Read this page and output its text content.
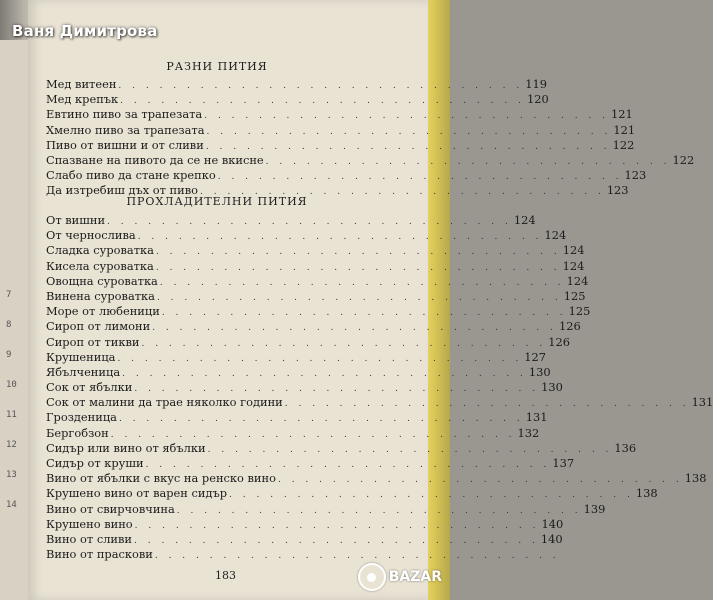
7
8
9
10
11
12
13
14
Ваня Димитрова
РАЗНИ ПИТИЯ
Мед витеен . . . . . . . . . . . . . . . . . . . . . . . . . . . . . . 119
Мед крепък . . . . . . . . . . . . . . . . . . . . . . . . . . . . . . 120
Евтино пиво за трапезата . . . . . . . . . . . . . . . . . . . . . . . . . . . . . . 121
Хмелно пиво за трапезата . . . . . . . . . . . . . . . . . . . . . . . . . . . . . . 121
Пиво от вишни и от сливи . . . . . . . . . . . . . . . . . . . . . . . . . . . . . . 122
Спазване на пивото да се не вкисне . . . . . . . . . . . . . . . . . . . . . . . . . . . . . . 122
Слабо пиво да стане крепко . . . . . . . . . . . . . . . . . . . . . . . . . . . . . . 123
Да изтребиш дъх от пиво . . . . . . . . . . . . . . . . . . . . . . . . . . . . . . 123
ПРОХЛАДИТЕЛНИ ПИТИЯ
От вишни . . . . . . . . . . . . . . . . . . . . . . . . . . . . . . 124
От чернослива . . . . . . . . . . . . . . . . . . . . . . . . . . . . . . 124
Сладка суроватка . . . . . . . . . . . . . . . . . . . . . . . . . . . . . . 124
Кисела суроватка . . . . . . . . . . . . . . . . . . . . . . . . . . . . . . 124
Овощна суроватка . . . . . . . . . . . . . . . . . . . . . . . . . . . . . . 124
Винена суроватка . . . . . . . . . . . . . . . . . . . . . . . . . . . . . . 125
Море от любеници . . . . . . . . . . . . . . . . . . . . . . . . . . . . . . 125
Сироп от лимони . . . . . . . . . . . . . . . . . . . . . . . . . . . . . . 126
Сироп от тикви . . . . . . . . . . . . . . . . . . . . . . . . . . . . . . 126
Крушеница . . . . . . . . . . . . . . . . . . . . . . . . . . . . . . 127
Ябълченица . . . . . . . . . . . . . . . . . . . . . . . . . . . . . . 130
Сок от ябълки . . . . . . . . . . . . . . . . . . . . . . . . . . . . . . 130
Сок от малини да трае няколко години . . . . . . . . . . . . . . . . . . . . . . . . . . . . . . 131
Грозденица . . . . . . . . . . . . . . . . . . . . . . . . . . . . . . 131
Бергобзон . . . . . . . . . . . . . . . . . . . . . . . . . . . . . . 132
Сидър или вино от ябълки . . . . . . . . . . . . . . . . . . . . . . . . . . . . . . 136
Сидър от круши . . . . . . . . . . . . . . . . . . . . . . . . . . . . . . 137
Вино от ябълки с вкус на ренско вино . . . . . . . . . . . . . . . . . . . . . . . . . . . . . . 138
Крушено вино от варен сидър . . . . . . . . . . . . . . . . . . . . . . . . . . . . . . 138
Вино от свирчовчина . . . . . . . . . . . . . . . . . . . . . . . . . . . . . . 139
Крушено вино . . . . . . . . . . . . . . . . . . . . . . . . . . . . . . 140
Вино от сливи . . . . . . . . . . . . . . . . . . . . . . . . . . . . . . 140
Вино от праскови . . . . . . . . . . . . . . . . . . . . . . . . . . . . . .
183	BAZAR
